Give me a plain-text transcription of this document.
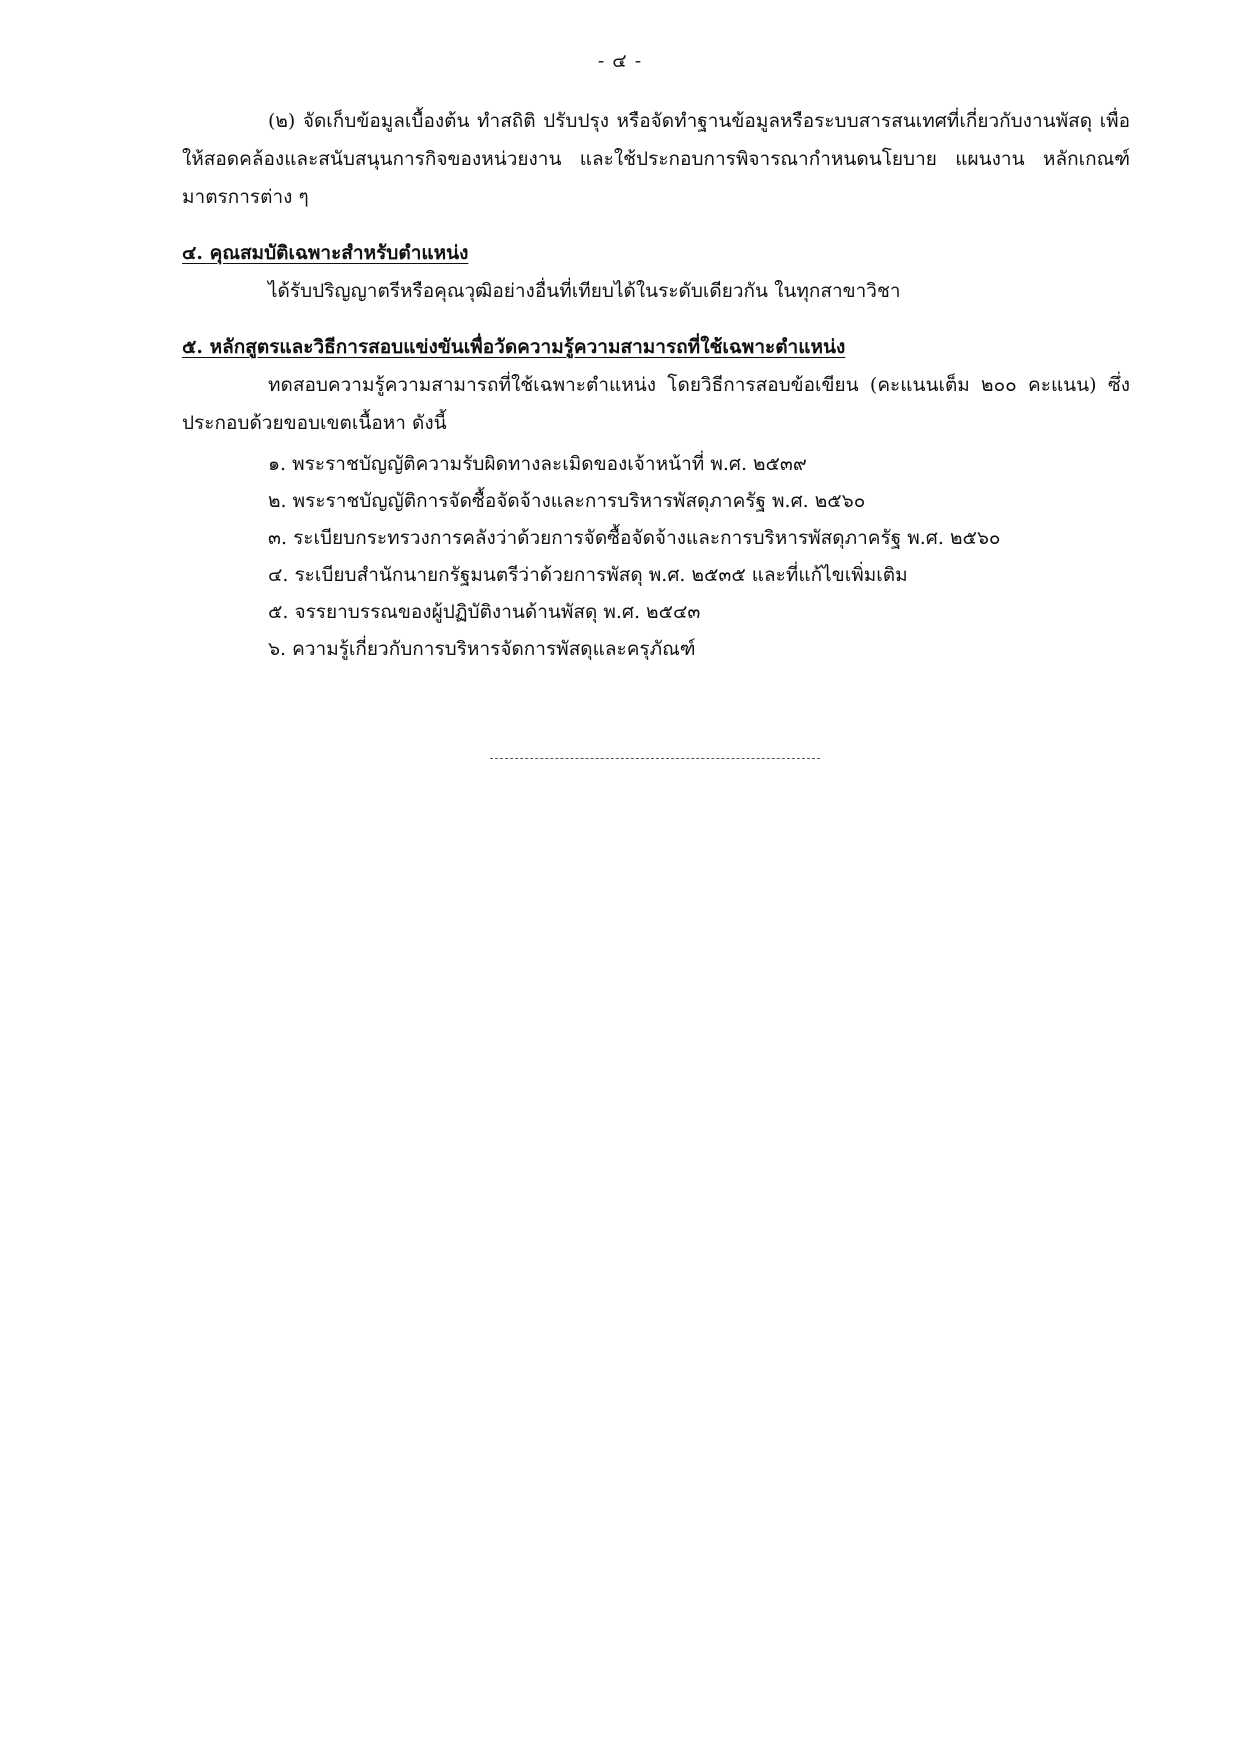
- ๔ -

(๒) จัดเก็บข้อมูลเบื้องต้น ทำสถิติ ปรับปรุง หรือจัดทำฐานข้อมูลหรือระบบสารสนเทศที่เกี่ยวกับงานพัสดุ เพื่อให้สอดคล้องและสนับสนุนการกิจของหน่วยงาน และใช้ประกอบการพิจารณากำหนดนโยบาย แผนงาน หลักเกณฑ์ มาตรการต่าง ๆ

๔. คุณสมบัติเฉพาะสำหรับตำแหน่ง

ได้รับปริญญาตรีหรือคุณวุฒิอย่างอื่นที่เทียบได้ในระดับเดียวกัน ในทุกสาขาวิชา

๕. หลักสูตรและวิธีการสอบแข่งขันเพื่อวัดความรู้ความสามารถที่ใช้เฉพาะตำแหน่ง

ทดสอบความรู้ความสามารถที่ใช้เฉพาะตำแหน่ง โดยวิธีการสอบข้อเขียน (คะแนนเต็ม ๒๐๐ คะแนน) ซึ่งประกอบด้วยขอบเขตเนื้อหา ดังนี้

๑. พระราชบัญญัติความรับผิดทางละเมิดของเจ้าหน้าที่ พ.ศ. ๒๕๓๙
๒. พระราชบัญญัติการจัดซื้อจัดจ้างและการบริหารพัสดุภาครัฐ พ.ศ. ๒๕๖๐
๓. ระเบียบกระทรวงการคลังว่าด้วยการจัดซื้อจัดจ้างและการบริหารพัสดุภาครัฐ พ.ศ. ๒๕๖๐
๔. ระเบียบสำนักนายกรัฐมนตรีว่าด้วยการพัสดุ พ.ศ. ๒๕๓๕ และที่แก้ไขเพิ่มเติม
๕. จรรยาบรรณของผู้ปฏิบัติงานด้านพัสดุ พ.ศ. ๒๕๔๓
๖. ความรู้เกี่ยวกับการบริหารจัดการพัสดุและครุภัณฑ์
